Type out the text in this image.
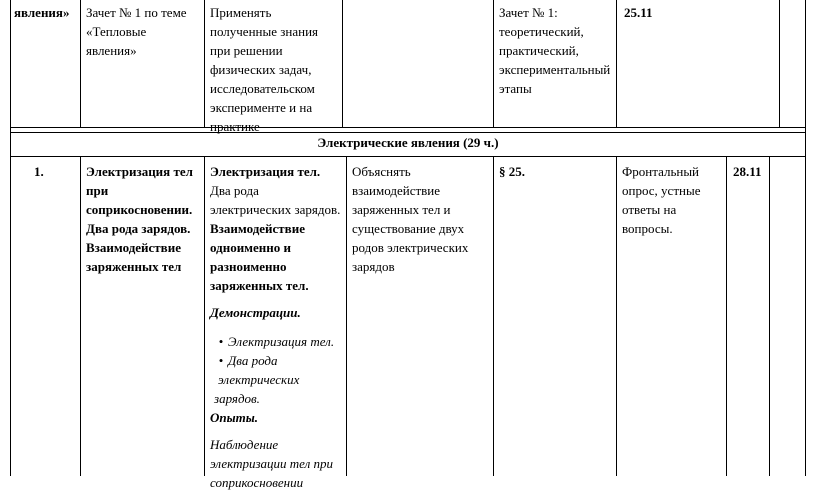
явления» Зачет № 1 по теме
«Тепловые
явления»
Применять
полученные знания
при решении
физических задач,
исследовательском
эксперименте и на
практике
Зачет № 1:
теоретический,
практический,
экспериментальный
этапы
25.11
Электрические явления (29 ч.)
1.	Электризация тел
при
соприкосновении.
Два рода зарядов.
Взаимодействие
заряженных тел
Электризация тел.
Два рода
электрических зарядов.
Взаимодействие
одноименно и
разноименно
заряженных тел.
Демонстрации.
• Электризация тел.
• Два рода
электрических
зарядов.
Опыты.
Наблюдение
электризации тел при
соприкосновении
Объяснять
взаимодействие
заряженных тел и
существование двух
родов электрических
зарядов
§ 25.	Фронтальный
опрос, устные
ответы на
вопросы.
28.11
